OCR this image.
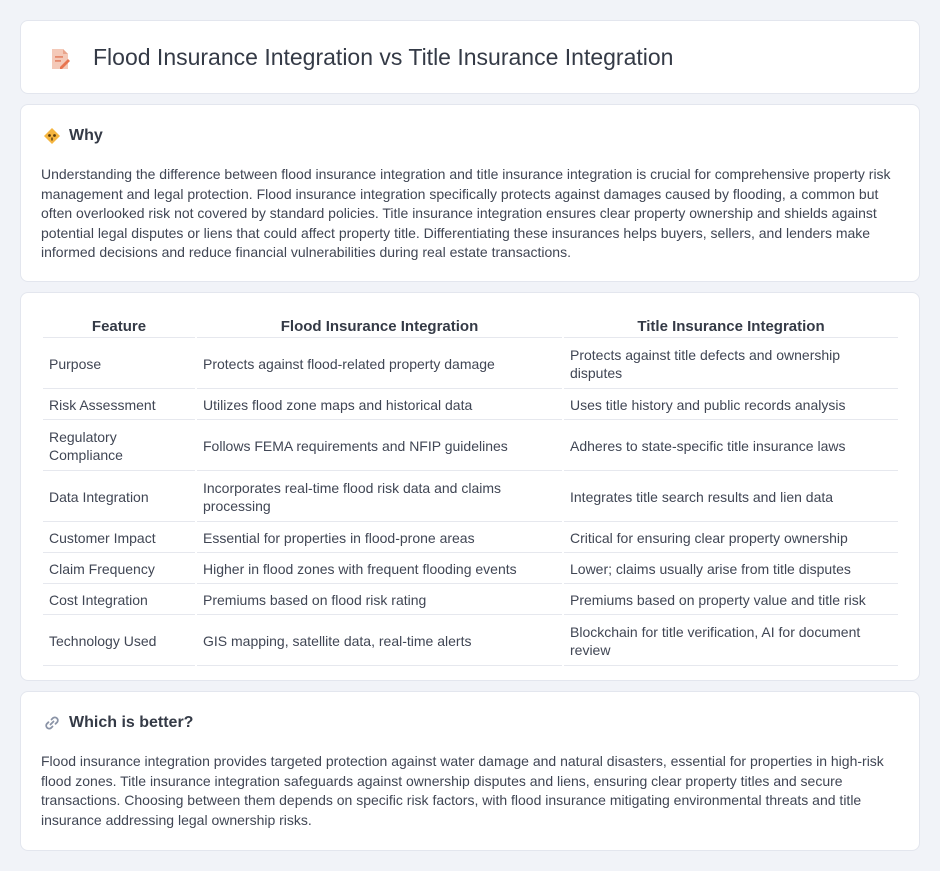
Flood Insurance Integration vs Title Insurance Integration
Why

Understanding the difference between flood insurance integration and title insurance integration is crucial for comprehensive property risk management and legal protection. Flood insurance integration specifically protects against damages caused by flooding, a common but often overlooked risk not covered by standard policies. Title insurance integration ensures clear property ownership and shields against potential legal disputes or liens that could affect property title. Differentiating these insurances helps buyers, sellers, and lenders make informed decisions and reduce financial vulnerabilities during real estate transactions.

Feature	Flood Insurance Integration	Title Insurance Integration
Purpose	Protects against flood-related property damage	Protects against title defects and ownership disputes
Risk Assessment	Utilizes flood zone maps and historical data	Uses title history and public records analysis
Regulatory Compliance	Follows FEMA requirements and NFIP guidelines	Adheres to state-specific title insurance laws
Data Integration	Incorporates real-time flood risk data and claims processing	Integrates title search results and lien data
Customer Impact	Essential for properties in flood-prone areas	Critical for ensuring clear property ownership
Claim Frequency	Higher in flood zones with frequent flooding events	Lower; claims usually arise from title disputes
Cost Integration	Premiums based on flood risk rating	Premiums based on property value and title risk
Technology Used	GIS mapping, satellite data, real-time alerts	Blockchain for title verification, AI for document review
Which is better?

Flood insurance integration provides targeted protection against water damage and natural disasters, essential for properties in high-risk flood zones. Title insurance integration safeguards against ownership disputes and liens, ensuring clear property titles and secure transactions. Choosing between them depends on specific risk factors, with flood insurance mitigating environmental threats and title insurance addressing legal ownership risks.
